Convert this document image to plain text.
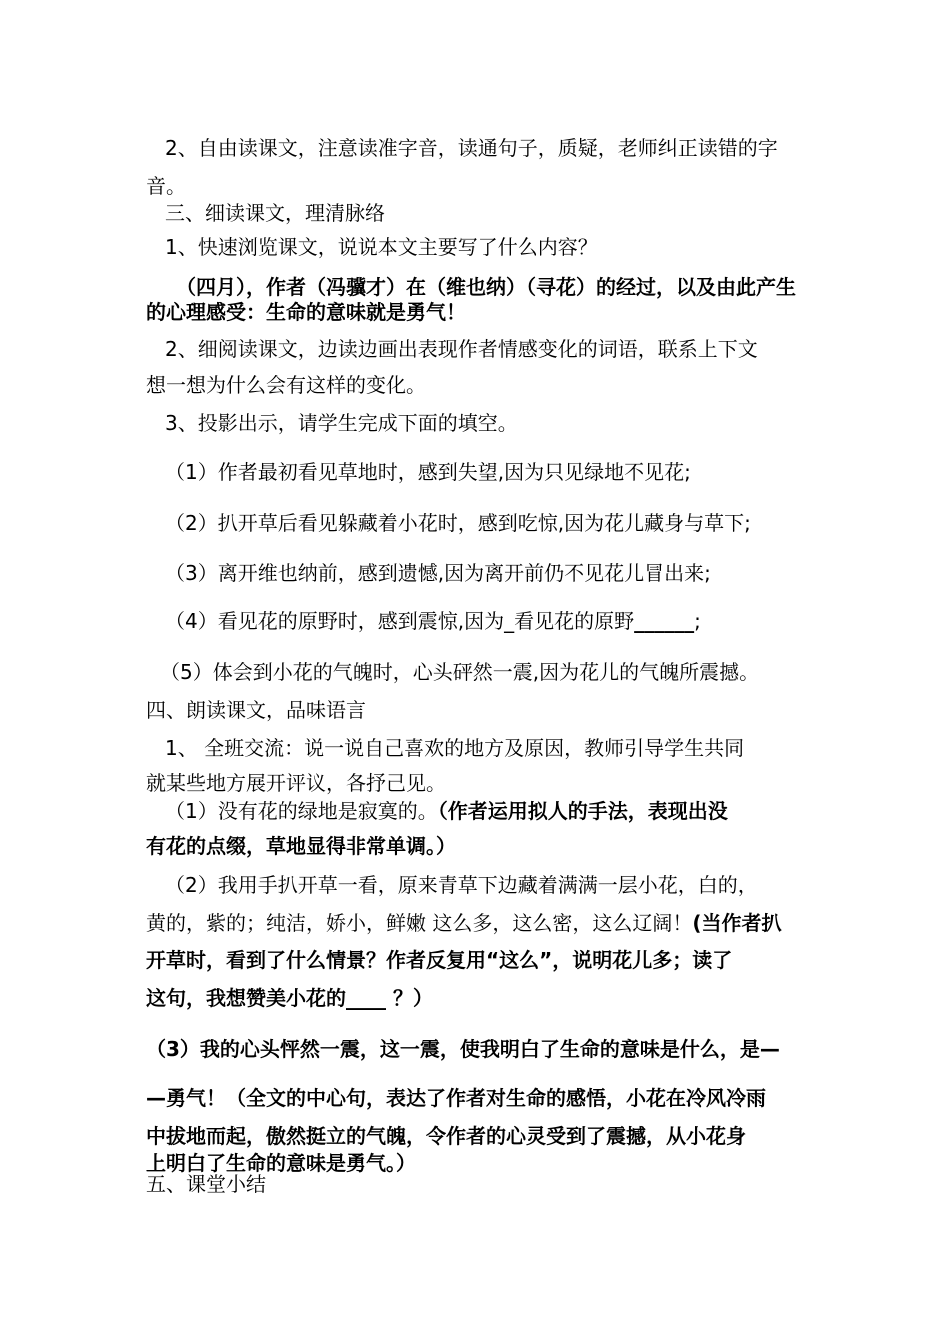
2、自由读课文，注意读准字音，读通句子，质疑，老师纠正读错的字
音。
三、细读课文，理清脉络
1、快速浏览课文，说说本文主要写了什么内容？
（四月），作者（冯骥才）在（维也纳）（寻花）的经过，以及由此产生
的心理感受：生命的意味就是勇气！
2、细阅读课文，边读边画出表现作者情感变化的词语，联系上下文
想一想为什么会有这样的变化。
3、投影出示，请学生完成下面的填空。
（1）作者最初看见草地时，感到失望,因为只见绿地不见花;
（2）扒开草后看见躲藏着小花时，感到吃惊,因为花儿藏身与草下;
（3）离开维也纳前，感到遗憾,因为离开前仍不见花儿冒出来;
（4）看见花的原野时，感到震惊,因为_看见花的原野______;
（5）体会到小花的气魄时，心头砰然一震,因为花儿的气魄所震撼。
四、朗读课文，品味语言
1、 全班交流：说一说自己喜欢的地方及原因，教师引导学生共同
就某些地方展开评议，各抒己见。
（1）没有花的绿地是寂寞的。（作者运用拟人的手法，表现出没
有花的点缀，草地显得非常单调。）
（2）我用手扒开草一看，原来青草下边藏着满满一层小花，白的，
黄的，紫的；纯洁，娇小，鲜嫩 这么多，这么密，这么辽阔！(当作者扒
开草时，看到了什么情景？作者反复用“这么”，说明花儿多；读了
这句，我想赞美小花的____ ？）
（3）我的心头怦然一震，这一震，使我明白了生命的意味是什么，是—
—勇气！（全文的中心句，表达了作者对生命的感悟，小花在冷风冷雨
中拔地而起，傲然挺立的气魄，令作者的心灵受到了震撼，从小花身
上明白了生命的意味是勇气。）
五、课堂小结
